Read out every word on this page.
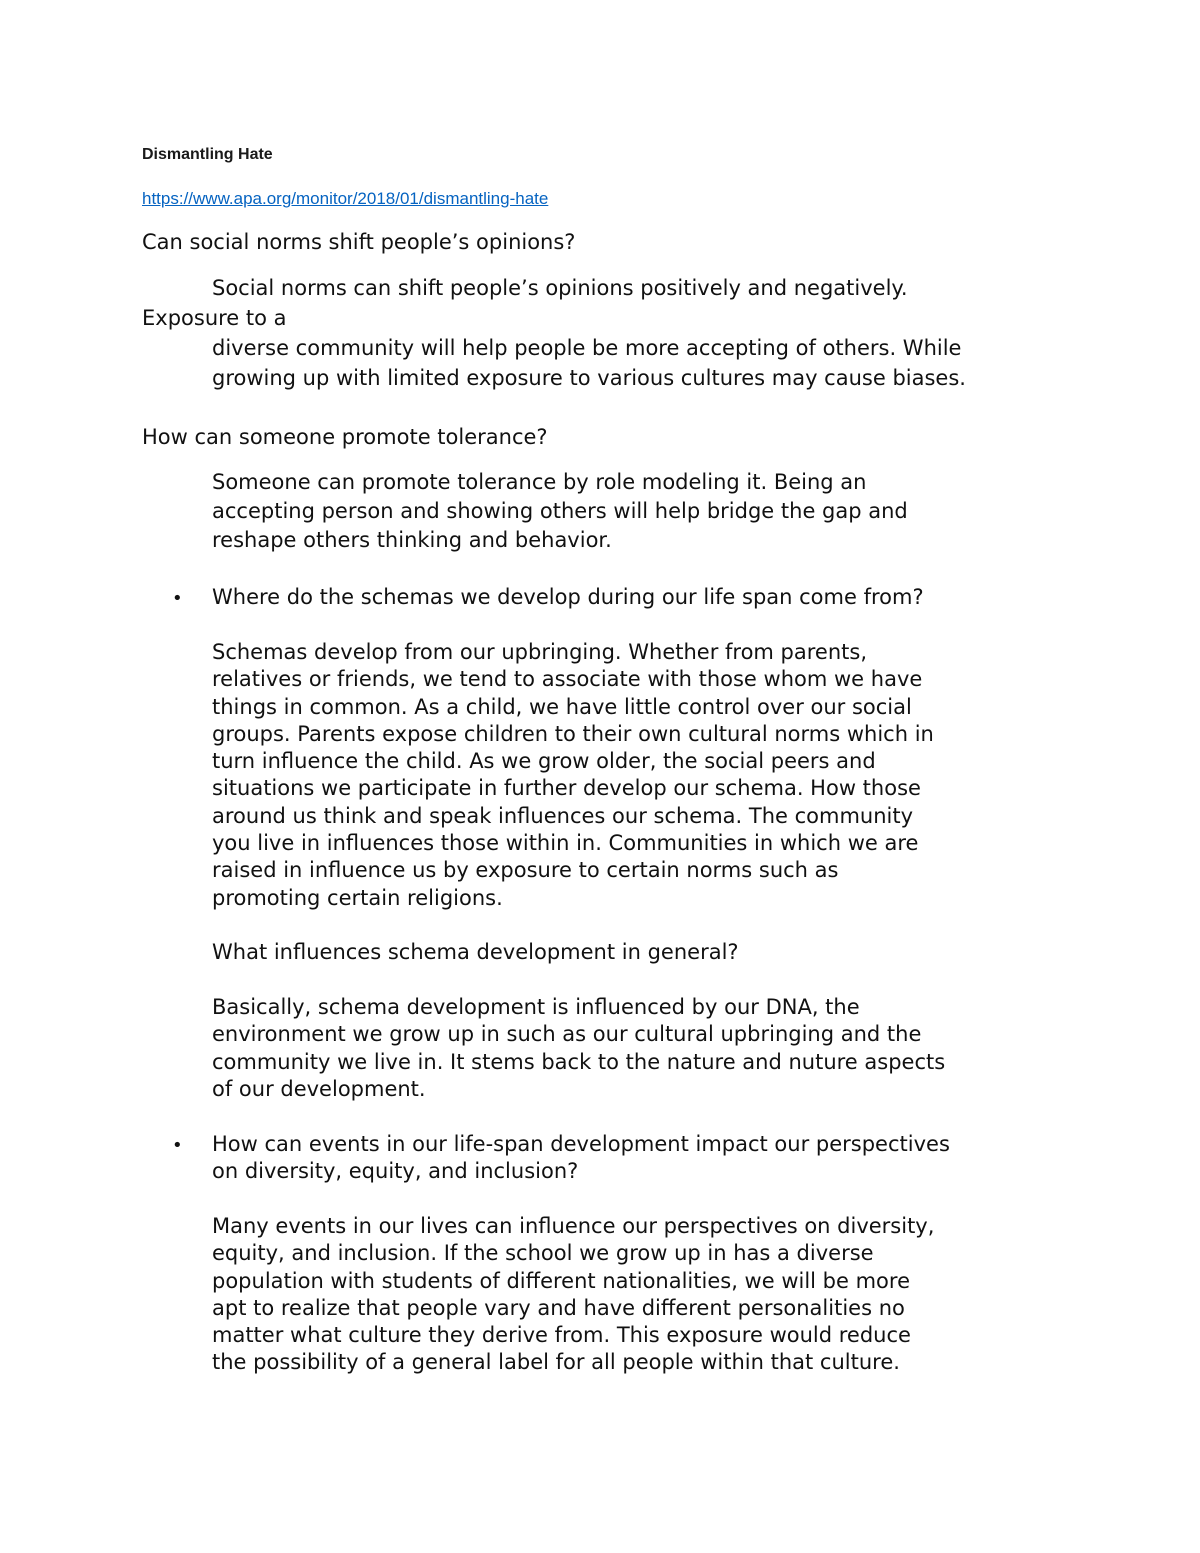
Dismantling Hate
https://www.apa.org/monitor/2018/01/dismantling-hate
Can social norms shift people’s opinions?
Social norms can shift people’s opinions positively and negatively.
Exposure to a
diverse community will help people be more accepting of others. While
growing up with limited exposure to various cultures may cause biases.
How can someone promote tolerance?
Someone can promote tolerance by role modeling it. Being an
accepting person and showing others will help bridge the gap and
reshape others thinking and behavior.
• Where do the schemas we develop during our life span come from?
Schemas develop from our upbringing. Whether from parents,
relatives or friends, we tend to associate with those whom we have
things in common. As a child, we have little control over our social
groups. Parents expose children to their own cultural norms which in
turn influence the child. As we grow older, the social peers and
situations we participate in further develop our schema. How those
around us think and speak influences our schema. The community
you live in influences those within in. Communities in which we are
raised in influence us by exposure to certain norms such as
promoting certain religions.
What influences schema development in general?
Basically, schema development is influenced by our DNA, the
environment we grow up in such as our cultural upbringing and the
community we live in. It stems back to the nature and nuture aspects
of our development.
• How can events in our life-span development impact our perspectives
on diversity, equity, and inclusion?
Many events in our lives can influence our perspectives on diversity,
equity, and inclusion. If the school we grow up in has a diverse
population with students of different nationalities, we will be more
apt to realize that people vary and have different personalities no
matter what culture they derive from. This exposure would reduce
the possibility of a general label for all people within that culture.
